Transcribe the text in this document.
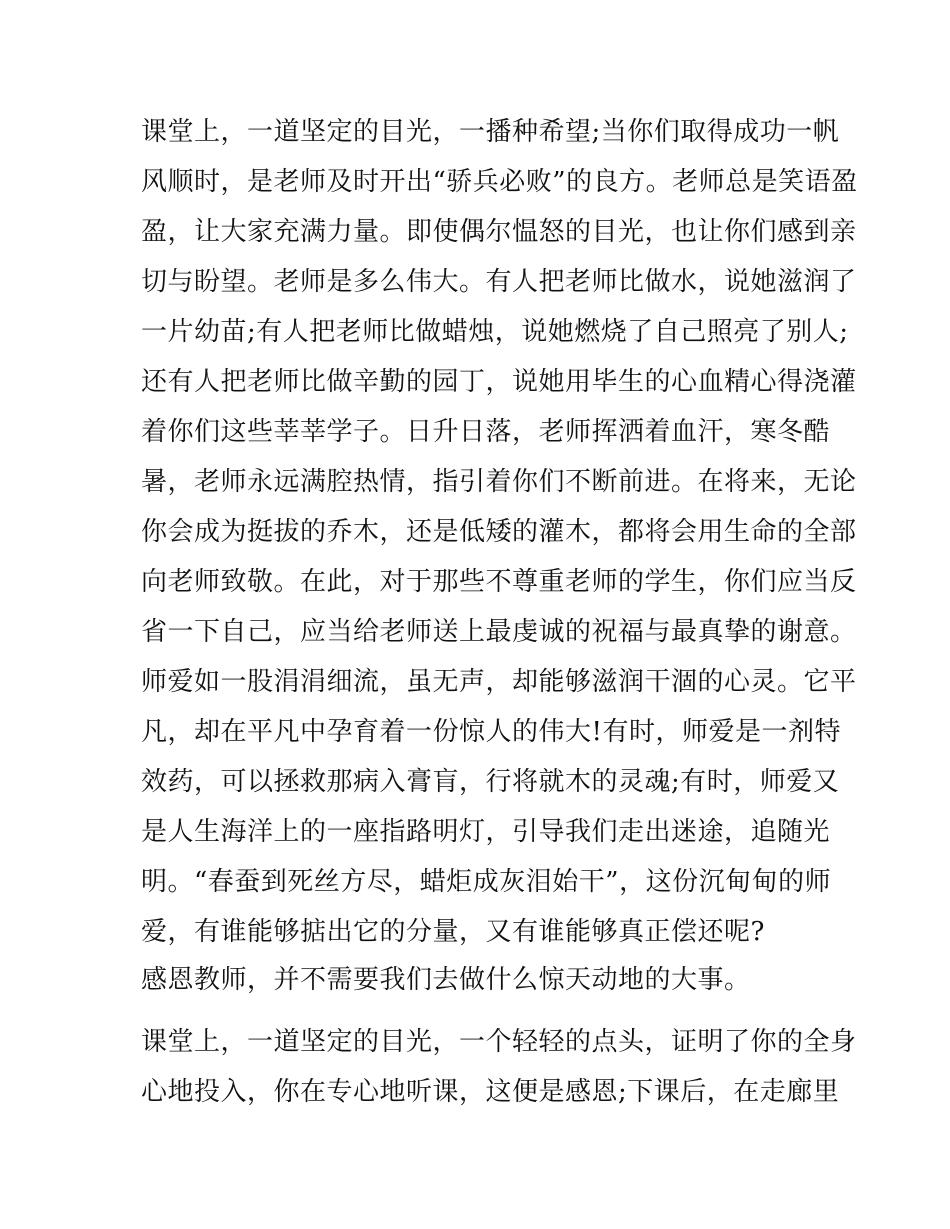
课堂上，一道坚定的目光，一播种希望;当你们取得成功一帆
风顺时，是老师及时开出“骄兵必败”的良方。老师总是笑语盈
盈，让大家充满力量。即使偶尔愠怒的目光，也让你们感到亲
切与盼望。老师是多么伟大。有人把老师比做水，说她滋润了
一片幼苗;有人把老师比做蜡烛，说她燃烧了自己照亮了别人;
还有人把老师比做辛勤的园丁，说她用毕生的心血精心得浇灌
着你们这些莘莘学子。日升日落，老师挥洒着血汗，寒冬酷
暑，老师永远满腔热情，指引着你们不断前进。在将来，无论
你会成为挺拔的乔木，还是低矮的灌木，都将会用生命的全部
向老师致敬。在此，对于那些不尊重老师的学生，你们应当反
省一下自己，应当给老师送上最虔诚的祝福与最真挚的谢意。
师爱如一股涓涓细流，虽无声，却能够滋润干涸的心灵。它平
凡，却在平凡中孕育着一份惊人的伟大!有时，师爱是一剂特
效药，可以拯救那病入膏肓，行将就木的灵魂;有时，师爱又
是人生海洋上的一座指路明灯，引导我们走出迷途，追随光
明。“春蚕到死丝方尽，蜡炬成灰泪始干”，这份沉甸甸的师
爱，有谁能够掂出它的分量，又有谁能够真正偿还呢?
感恩教师，并不需要我们去做什么惊天动地的大事。
课堂上，一道坚定的目光，一个轻轻的点头，证明了你的全身
心地投入，你在专心地听课，这便是感恩;下课后，在走廊里
